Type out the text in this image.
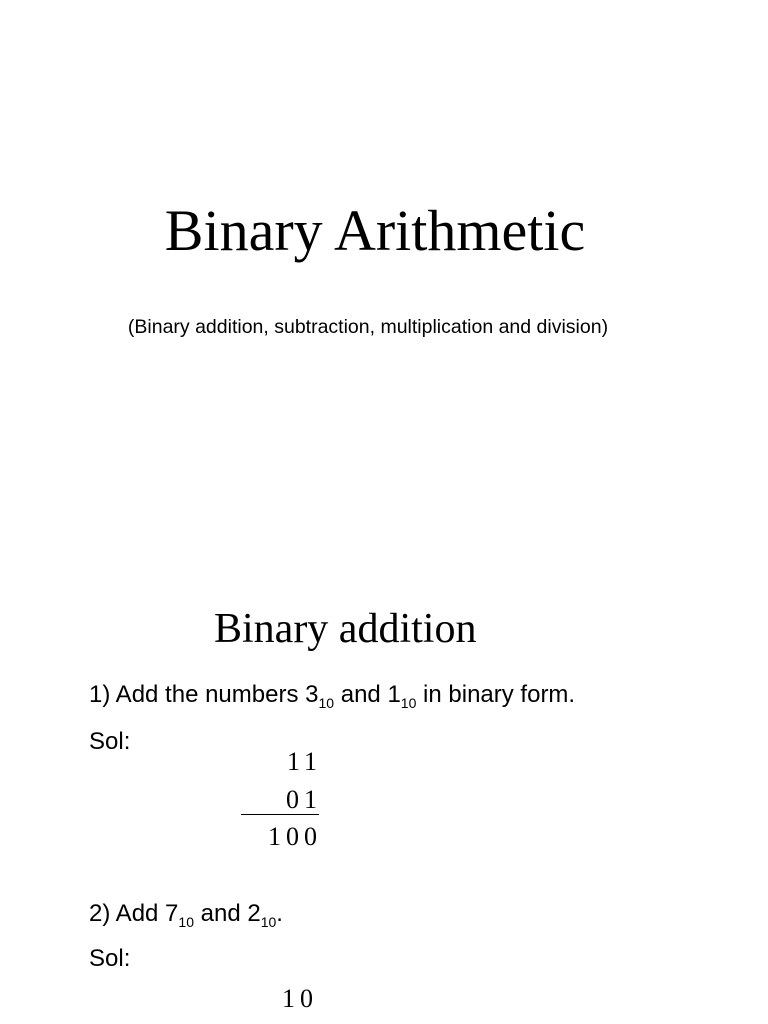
Binary Arithmetic
(Binary addition, subtraction, multiplication and division)
Binary addition
1) Add the numbers $3_{10}$ and $1_{10}$ in binary form.
Sol:
11
01
100
2) Add $7_{10}$ and $2_{10}$.
Sol:
10
